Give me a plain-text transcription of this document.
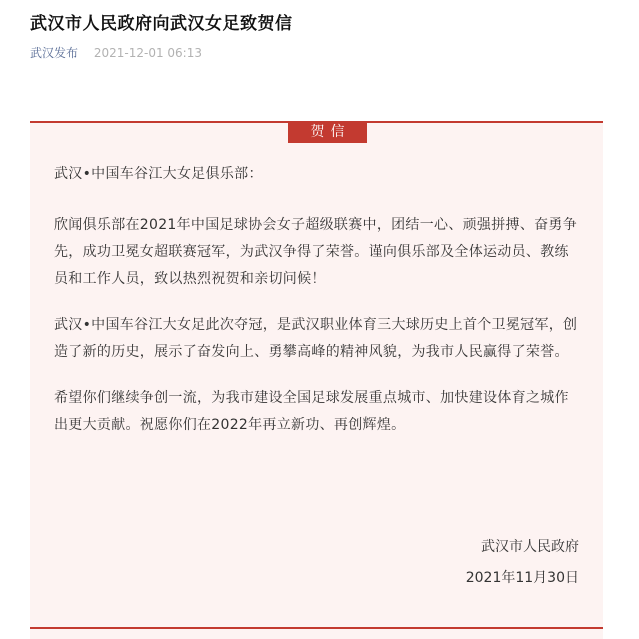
武汉市人民政府向武汉女足致贺信
武汉发布 2021-12-01 06:13
贺信

武汉•中国车谷江大女足俱乐部：

欣闻俱乐部在2021年中国足球协会女子超级联赛中，团结一心、顽强拼搏、奋勇争先，成功卫冕女超联赛冠军，为武汉争得了荣誉。谨向俱乐部及全体运动员、教练员和工作人员，致以热烈祝贺和亲切问候！

武汉•中国车谷江大女足此次夺冠，是武汉职业体育三大球历史上首个卫冕冠军，创造了新的历史，展示了奋发向上、勇攀高峰的精神风貌，为我市人民赢得了荣誉。

希望你们继续争创一流，为我市建设全国足球发展重点城市、加快建设体育之城作出更大贡献。祝愿你们在2022年再立新功、再创辉煌。

武汉市人民政府
2021年11月30日
